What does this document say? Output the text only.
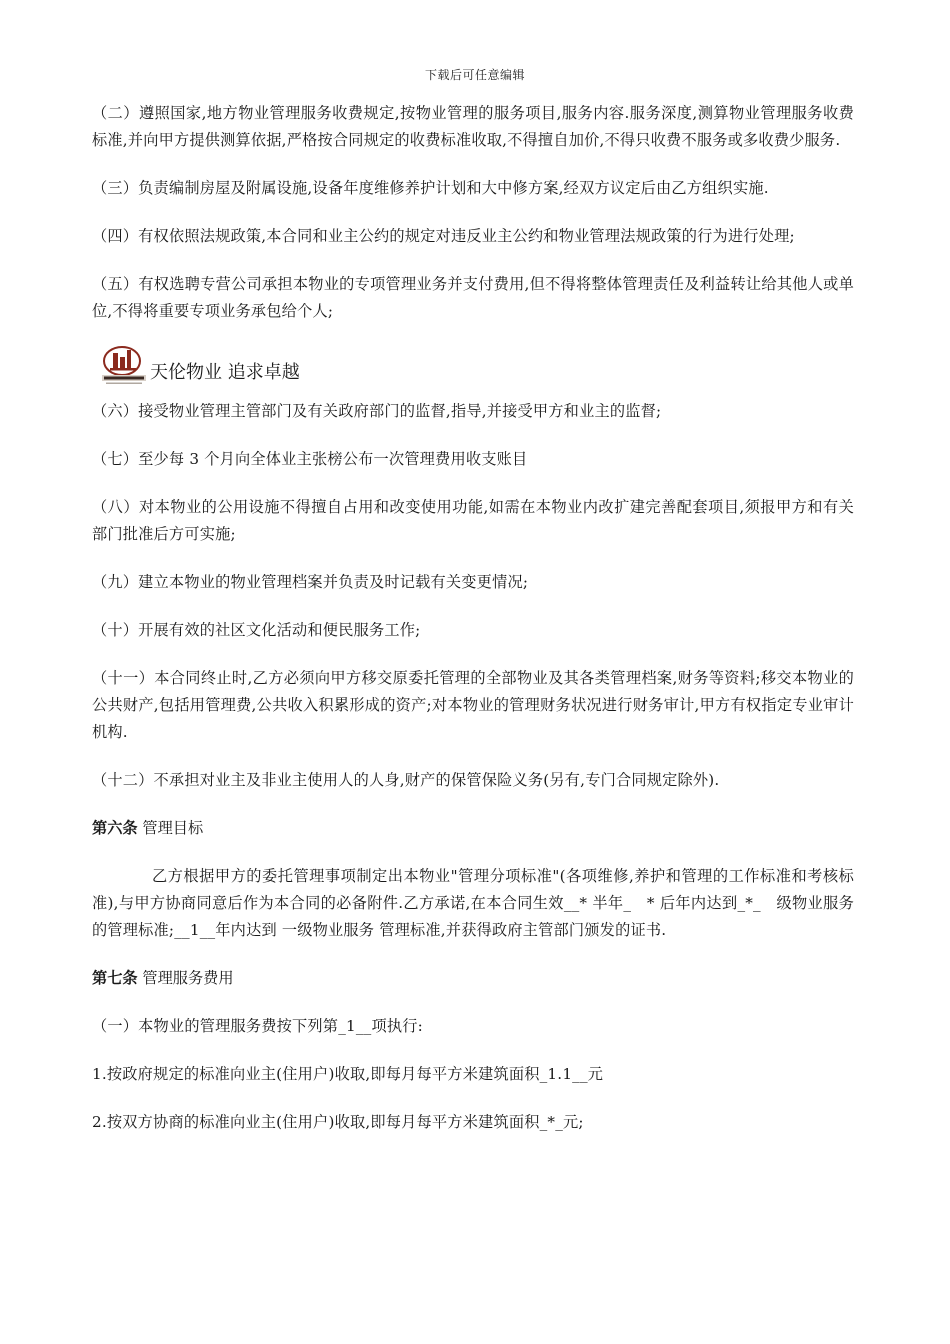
下载后可任意编辑

（二）遵照国家,地方物业管理服务收费规定,按物业管理的服务项目,服务内容.服务深度,测算物业管理服务收费标准,并向甲方提供测算依据,严格按合同规定的收费标准收取,不得擅自加价,不得只收费不服务或多收费少服务.

（三）负责编制房屋及附属设施,设备年度维修养护计划和大中修方案,经双方议定后由乙方组织实施.

（四）有权依照法规政策,本合同和业主公约的规定对违反业主公约和物业管理法规政策的行为进行处理;

（五）有权选聘专营公司承担本物业的专项管理业务并支付费用,但不得将整体管理责任及利益转让给其他人或单位,不得将重要专项业务承包给个人;

天伦物业 追求卓越

（六）接受物业管理主管部门及有关政府部门的监督,指导,并接受甲方和业主的监督;

（七）至少每 3 个月向全体业主张榜公布一次管理费用收支账目

（八）对本物业的公用设施不得擅自占用和改变使用功能,如需在本物业内改扩建完善配套项目,须报甲方和有关部门批准后方可实施;

（九）建立本物业的物业管理档案并负责及时记载有关变更情况;

（十）开展有效的社区文化活动和便民服务工作;

（十一）本合同终止时,乙方必须向甲方移交原委托管理的全部物业及其各类管理档案,财务等资料;移交本物业的公共财产,包括用管理费,公共收入积累形成的资产;对本物业的管理财务状况进行财务审计,甲方有权指定专业审计机构.

（十二）不承担对业主及非业主使用人的人身,财产的保管保险义务(另有,专门合同规定除外).

第六条 管理目标

乙方根据甲方的委托管理事项制定出本物业"管理分项标准"(各项维修,养护和管理的工作标准和考核标准),与甲方协商同意后作为本合同的必备附件.乙方承诺,在本合同生效__* 半年_　* 后年内达到_*_　级物业服务的管理标准;__1__年内达到 一级物业服务 管理标准,并获得政府主管部门颁发的证书.

第七条 管理服务费用

（一）本物业的管理服务费按下列第_1__项执行:

1.按政府规定的标准向业主(住用户)收取,即每月每平方米建筑面积_1.1__元

2.按双方协商的标准向业主(住用户)收取,即每月每平方米建筑面积_*_元;
